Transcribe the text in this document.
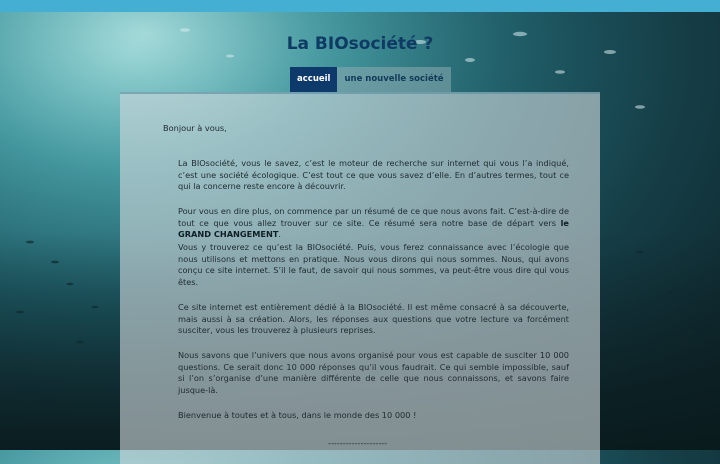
La BIOsociété ?
accueil	une nouvelle société

Bonjour à vous,

La BIOsociété, vous le savez, c’est le moteur de recherche sur internet qui vous l’a indiqué, c’est une société écologique. C’est tout ce que vous savez d’elle. En d’autres termes, tout ce qui la concerne reste encore à découvrir.

Pour vous en dire plus, on commence par un résumé de ce que nous avons fait. C’est-à-dire de tout ce que vous allez trouver sur ce site. Ce résumé sera notre base de départ vers le GRAND CHANGEMENT.

Vous y trouverez ce qu’est la BIOsociété. Puis, vous ferez connaissance avec l’écologie que nous utilisons et mettons en pratique. Nous vous dirons qui nous sommes. Nous, qui avons conçu ce site internet. S’il le faut, de savoir qui nous sommes, va peut-être vous dire qui vous êtes.

Ce site internet est entièrement dédié à la BIOsociété. Il est même consacré à sa découverte, mais aussi à sa création. Alors, les réponses aux questions que votre lecture va forcément susciter, vous les trouverez à plusieurs reprises.

Nous savons que l’univers que nous avons organisé pour vous est capable de susciter 10 000 questions. Ce serait donc 10 000 réponses qu’il vous faudrait. Ce qui semble impossible, sauf si l’on s’organise d’une manière différente de celle que nous connaissons, et savons faire jusque-là.

Bienvenue à toutes et à tous, dans le monde des 10 000 !

--------------------
